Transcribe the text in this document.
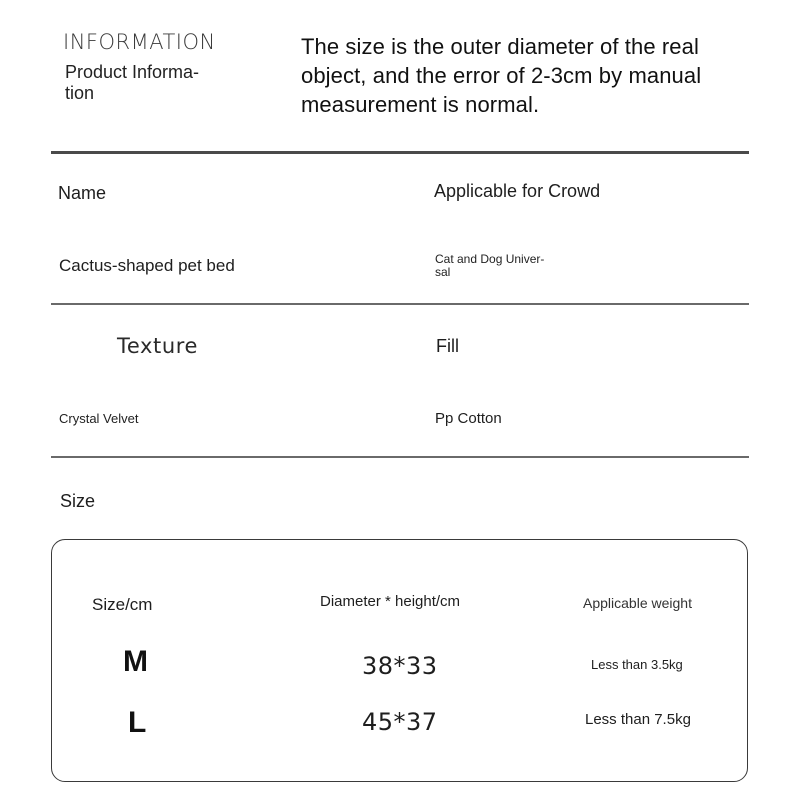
INFORMATION
Product Informa-
tion
The size is the outer diameter of the real
object, and the error of 2-3cm by manual
measurement is normal.
Name	Applicable for Crowd
Cactus-shaped pet bed	Cat and Dog Univer-
sal
Texture	Fill
Crystal Velvet	Pp Cotton
Size
Size/cm	Diameter * height/cm	Applicable weight
M	38*33	Less than 3.5kg
L	45*37	Less than 7.5kg
